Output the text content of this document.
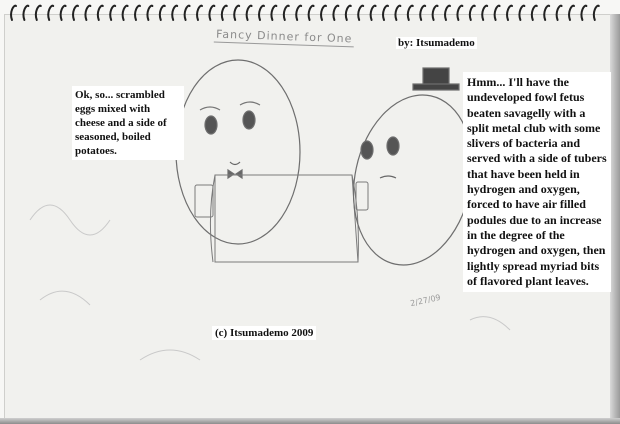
Fancy Dinner for One	by: Itsumademo
Ok, so... scrambled eggs mixed with cheese and a side of seasoned, boiled potatoes.
Hmm... I'll have the undeveloped fowl fetus beaten savagelly with a split metal club with some slivers of bacteria and served with a side of tubers that have been held in hydrogen and oxygen, forced to have air filled podules due to an increase in the degree of the hydrogen and oxygen, then lightly spread myriad bits of flavored plant leaves.
2/27/09
(c) Itsumademo 2009
